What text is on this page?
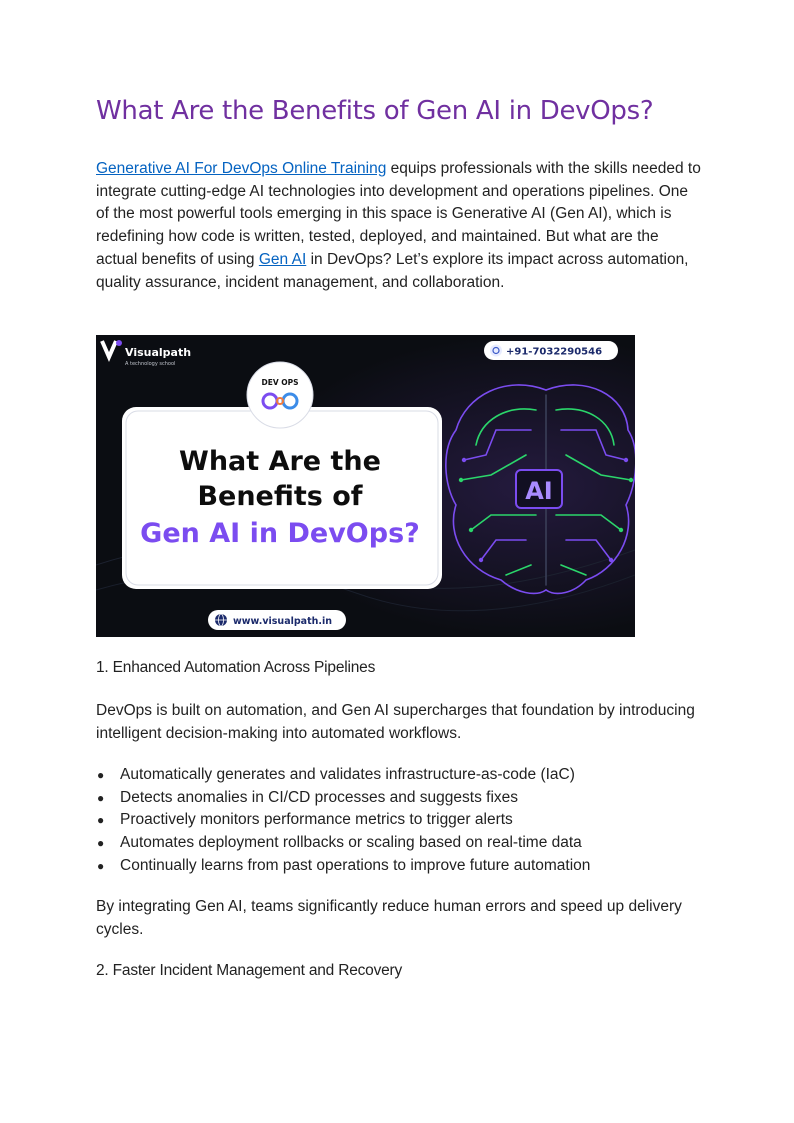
What Are the Benefits of Gen AI in DevOps?

Generative AI For DevOps Online Training equips professionals with the skills needed to integrate cutting-edge AI technologies into development and operations pipelines. One of the most powerful tools emerging in this space is Generative AI (Gen AI), which is redefining how code is written, tested, deployed, and maintained. But what are the actual benefits of using Gen AI in DevOps? Let’s explore its impact across automation, quality assurance, incident management, and collaboration.

Visualpath
A technology school
+91-7032290546
DEV OPS
What Are the
Benefits of
Gen AI in DevOps?
AI
www.visualpath.in
1. Enhanced Automation Across Pipelines

DevOps is built on automation, and Gen AI supercharges that foundation by introducing intelligent decision-making into automated workflows.

● Automatically generates and validates infrastructure-as-code (IaC)
● Detects anomalies in CI/CD processes and suggests fixes
● Proactively monitors performance metrics to trigger alerts
● Automates deployment rollbacks or scaling based on real-time data
● Continually learns from past operations to improve future automation

By integrating Gen AI, teams significantly reduce human errors and speed up delivery cycles.

2. Faster Incident Management and Recovery
